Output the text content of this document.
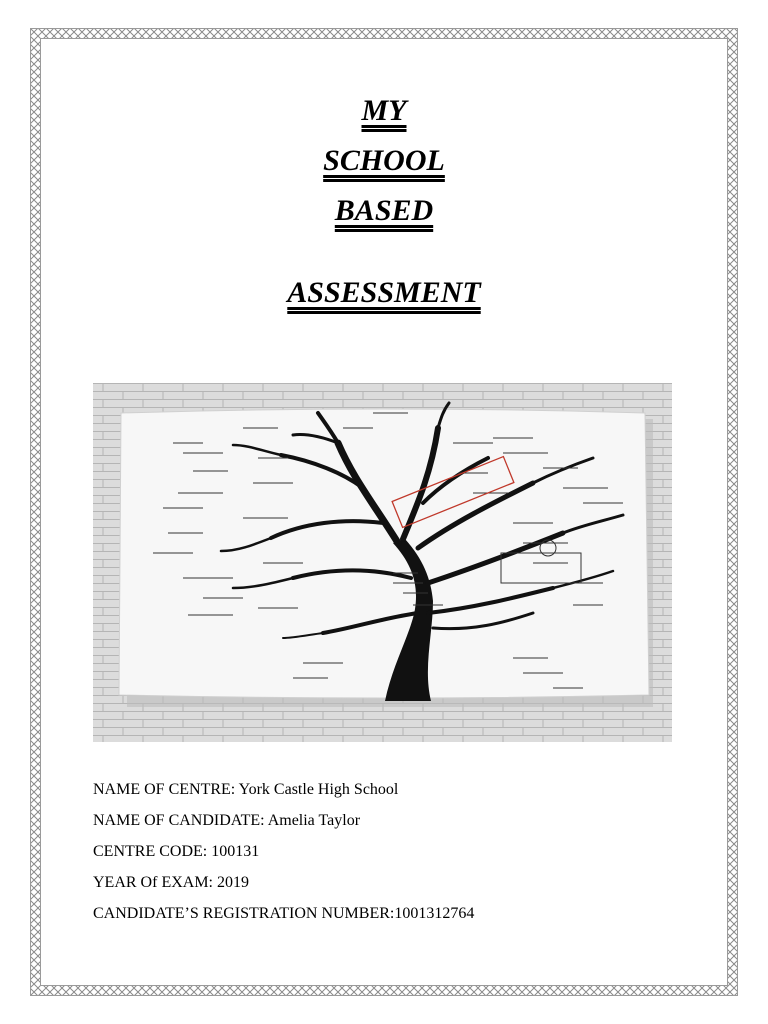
MY
SCHOOL
BASED
ASSESSMENT
NAME OF CENTRE: York Castle High School
NAME OF CANDIDATE: Amelia Taylor
CENTRE CODE: 100131
YEAR Of EXAM: 2019
CANDIDATE’S REGISTRATION NUMBER:1001312764
